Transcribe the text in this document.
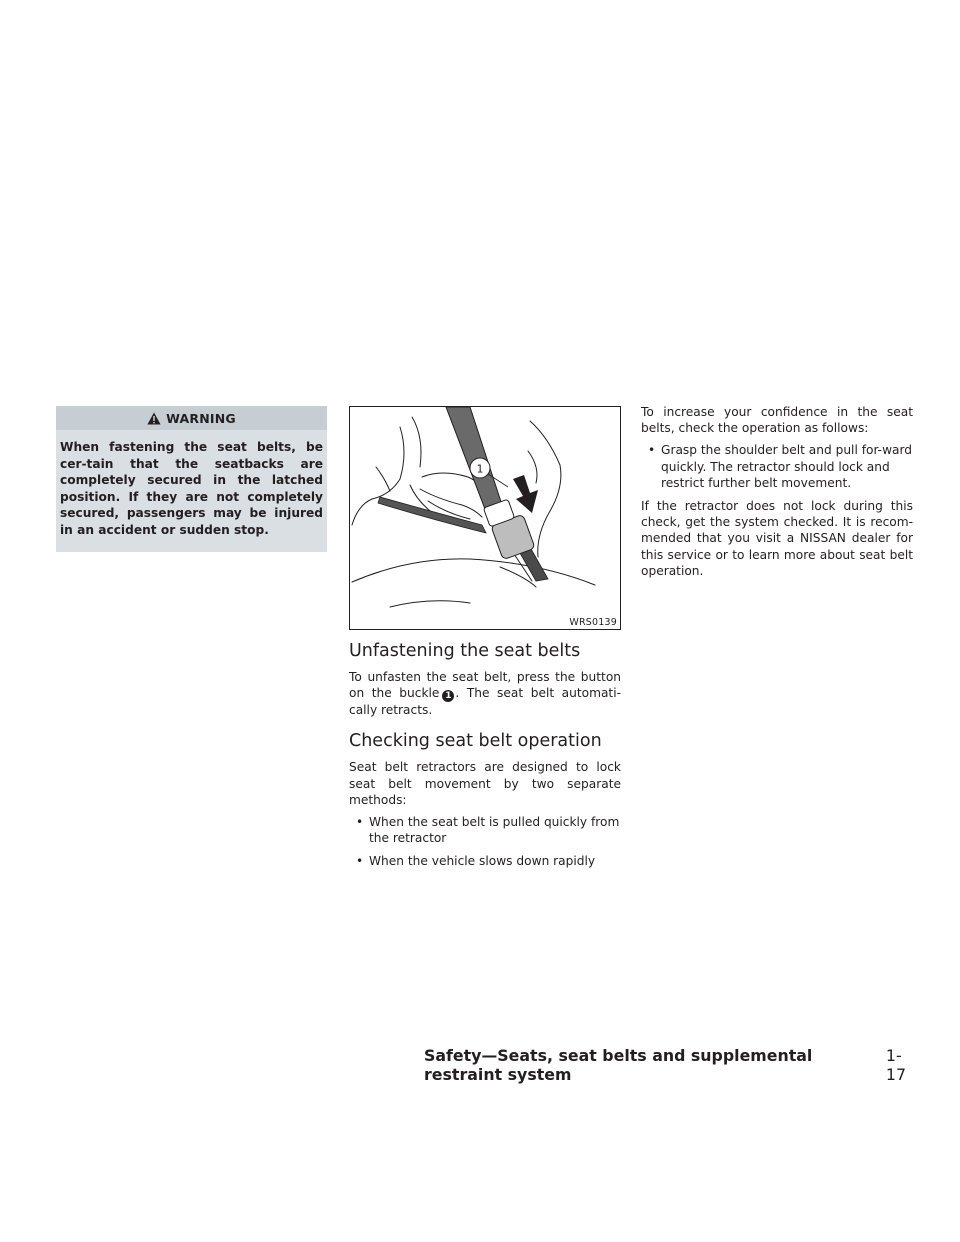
WARNING
When fastening the seat belts, be cer-tain that the seatbacks are completely secured in the latched position. If they are not completely secured, passengers may be injured in an accident or sudden stop.
1
WRS0139
Unfastening the seat belts

To unfasten the seat belt, press the button on the buckle 1 . The seat belt automati-cally retracts.

Checking seat belt operation

Seat belt retractors are designed to lock seat belt movement by two separate methods:

• When the seat belt is pulled quickly from the retractor
• When the vehicle slows down rapidly

To increase your confidence in the seat belts, check the operation as follows:

• Grasp the shoulder belt and pull for-ward quickly. The retractor should lock and restrict further belt movement.

If the retractor does not lock during this check, get the system checked. It is recom-mended that you visit a NISSAN dealer for this service or to learn more about seat belt operation.

Safety—Seats, seat belts and supplemental restraint system
1-17
